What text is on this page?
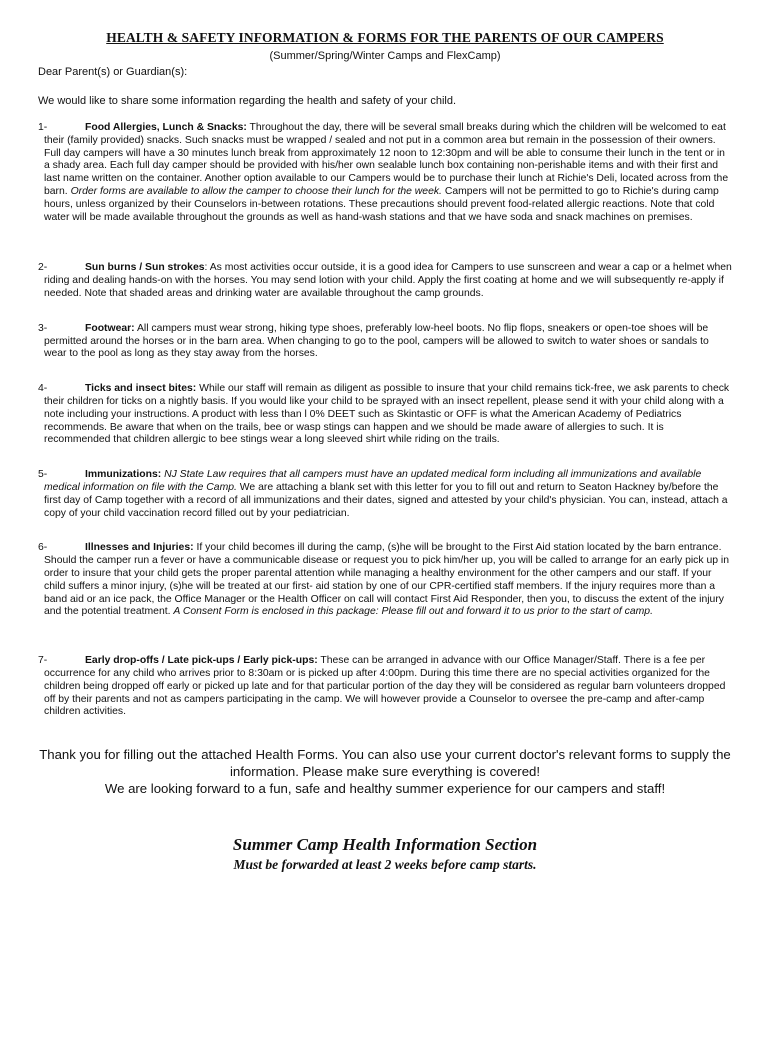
HEALTH & SAFETY INFORMATION & FORMS FOR THE PARENTS OF OUR CAMPERS
(Summer/Spring/Winter Camps and FlexCamp)
Dear Parent(s) or Guardian(s):
We would like to share some information regarding the health and safety of your child.

1-	Food Allergies, Lunch & Snacks: Throughout the day, there will be several small breaks during which the children will be welcomed to eat their (family provided) snacks. Such snacks must be wrapped / sealed and not put in a common area but remain in the possession of their owners. Full day campers will have a 30 minutes lunch break from approximately 12 noon to 12:30pm and will be able to consume their lunch in the tent or in a shady area. Each full day camper should be provided with his/her own sealable lunch box containing non-perishable items and with their first and last name written on the container. Another option available to our Campers would be to purchase their lunch at Richie's Deli, located across from the barn. Order forms are available to allow the camper to choose their lunch for the week. Campers will not be permitted to go to Richie's during camp hours, unless organized by their Counselors in-between rotations. These precautions should prevent food-related allergic reactions. Note that cold water will be made available throughout the grounds as well as hand-wash stations and that we have soda and snack machines on premises.

2-	Sun burns / Sun strokes: As most activities occur outside, it is a good idea for Campers to use sunscreen and wear a cap or a helmet when riding and dealing hands-on with the horses. You may send lotion with your child. Apply the first coating at home and we will subsequently re-apply if needed. Note that shaded areas and drinking water are available throughout the camp grounds.

3-	Footwear: All campers must wear strong, hiking type shoes, preferably low-heel boots. No flip flops, sneakers or open-toe shoes will be permitted around the horses or in the barn area. When changing to go to the pool, campers will be allowed to switch to water shoes or sandals to wear to the pool as long as they stay away from the horses.

4-	Ticks and insect bites: While our staff will remain as diligent as possible to insure that your child remains tick-free, we ask parents to check their children for ticks on a nightly basis. If you would like your child to be sprayed with an insect repellent, please send it with your child along with a note including your instructions. A product with less than l 0% DEET such as Skintastic or OFF is what the American Academy of Pediatrics recommends. Be aware that when on the trails, bee or wasp stings can happen and we should be made aware of allergies to such. It is recommended that children allergic to bee stings wear a long sleeved shirt while riding on the trails.

5-	Immunizations: NJ State Law requires that all campers must have an updated medical form including all immunizations and available medical information on file with the Camp. We are attaching a blank set with this letter for you to fill out and return to Seaton Hackney by/before the first day of Camp together with a record of all immunizations and their dates, signed and attested by your child's physician. You can, instead, attach a copy of your child vaccination record filled out by your pediatrician.

6-	Illnesses and Injuries: If your child becomes ill during the camp, (s)he will be brought to the First Aid station located by the barn entrance. Should the camper run a fever or have a communicable disease or request you to pick him/her up, you will be called to arrange for an early pick up in order to insure that your child gets the proper parental attention while managing a healthy environment for the other campers and our staff. If your child suffers a minor injury, (s)he will be treated at our first- aid station by one of our CPR-certified staff members. If the injury requires more than a band aid or an ice pack, the Office Manager or the Health Officer on call will contact First Aid Responder, then you, to discuss the extent of the injury and the potential treatment. A Consent Form is enclosed in this package: Please fill out and forward it to us prior to the start of camp.

7-	Early drop-offs / Late pick-ups / Early pick-ups: These can be arranged in advance with our Office Manager/Staff. There is a fee per occurrence for any child who arrives prior to 8:30am or is picked up after 4:00pm. During this time there are no special activities organized for the children being dropped off early or picked up late and for that particular portion of the day they will be considered as regular barn volunteers dropped off by their parents and not as campers participating in the camp. We will however provide a Counselor to oversee the pre-camp and after-camp children activities.

Thank you for filling out the attached Health Forms. You can also use your current doctor's relevant forms to supply the information. Please make sure everything is covered!
We are looking forward to a fun, safe and healthy summer experience for our campers and staff!
Summer Camp Health Information Section
Must be forwarded at least 2 weeks before camp starts.
